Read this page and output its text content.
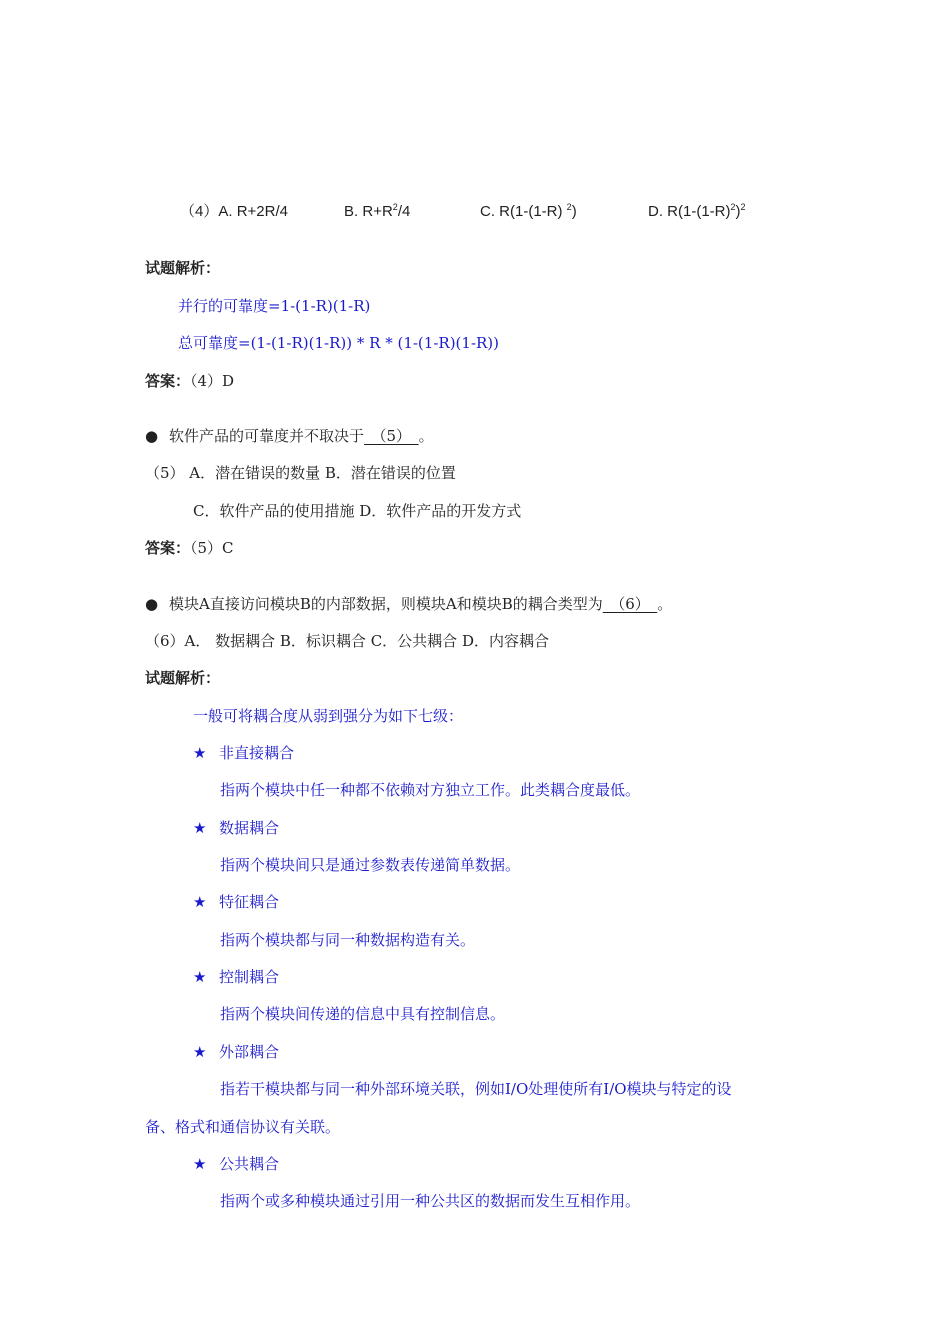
（4）A. R+2R/4	B. $R+R^2/4$	C. R(1-(1-R) $^2$)	D. $R(1-(1-R)^2)^2$
试题解析：
并行的可靠度=1-(1-R)(1-R)
总可靠度=(1-(1-R)(1-R)) * R * (1-(1-R)(1-R))
答案：（4）D
● 软件产品的可靠度并不取决于　（5）　。
（5） A．潜在错误的数量 B．潜在错误的位置
C．软件产品的使用措施 D．软件产品的开发方式
答案：（5）C
● 模块A直接访问模块B的内部数据，则模块A和模块B的耦合类型为　（6）　。
（6）A． 数据耦合 B．标识耦合 C．公共耦合 D．内容耦合
试题解析：
一般可将耦合度从弱到强分为如下七级：
★ 非直接耦合
指两个模块中任一种都不依赖对方独立工作。此类耦合度最低。
★ 数据耦合
指两个模块间只是通过参数表传递简单数据。
★ 特征耦合
指两个模块都与同一种数据构造有关。
★ 控制耦合
指两个模块间传递的信息中具有控制信息。
★ 外部耦合
指若干模块都与同一种外部环境关联，例如I/O处理使所有I/O模块与特定的设
备、格式和通信协议有关联。
★ 公共耦合
指两个或多种模块通过引用一种公共区的数据而发生互相作用。
